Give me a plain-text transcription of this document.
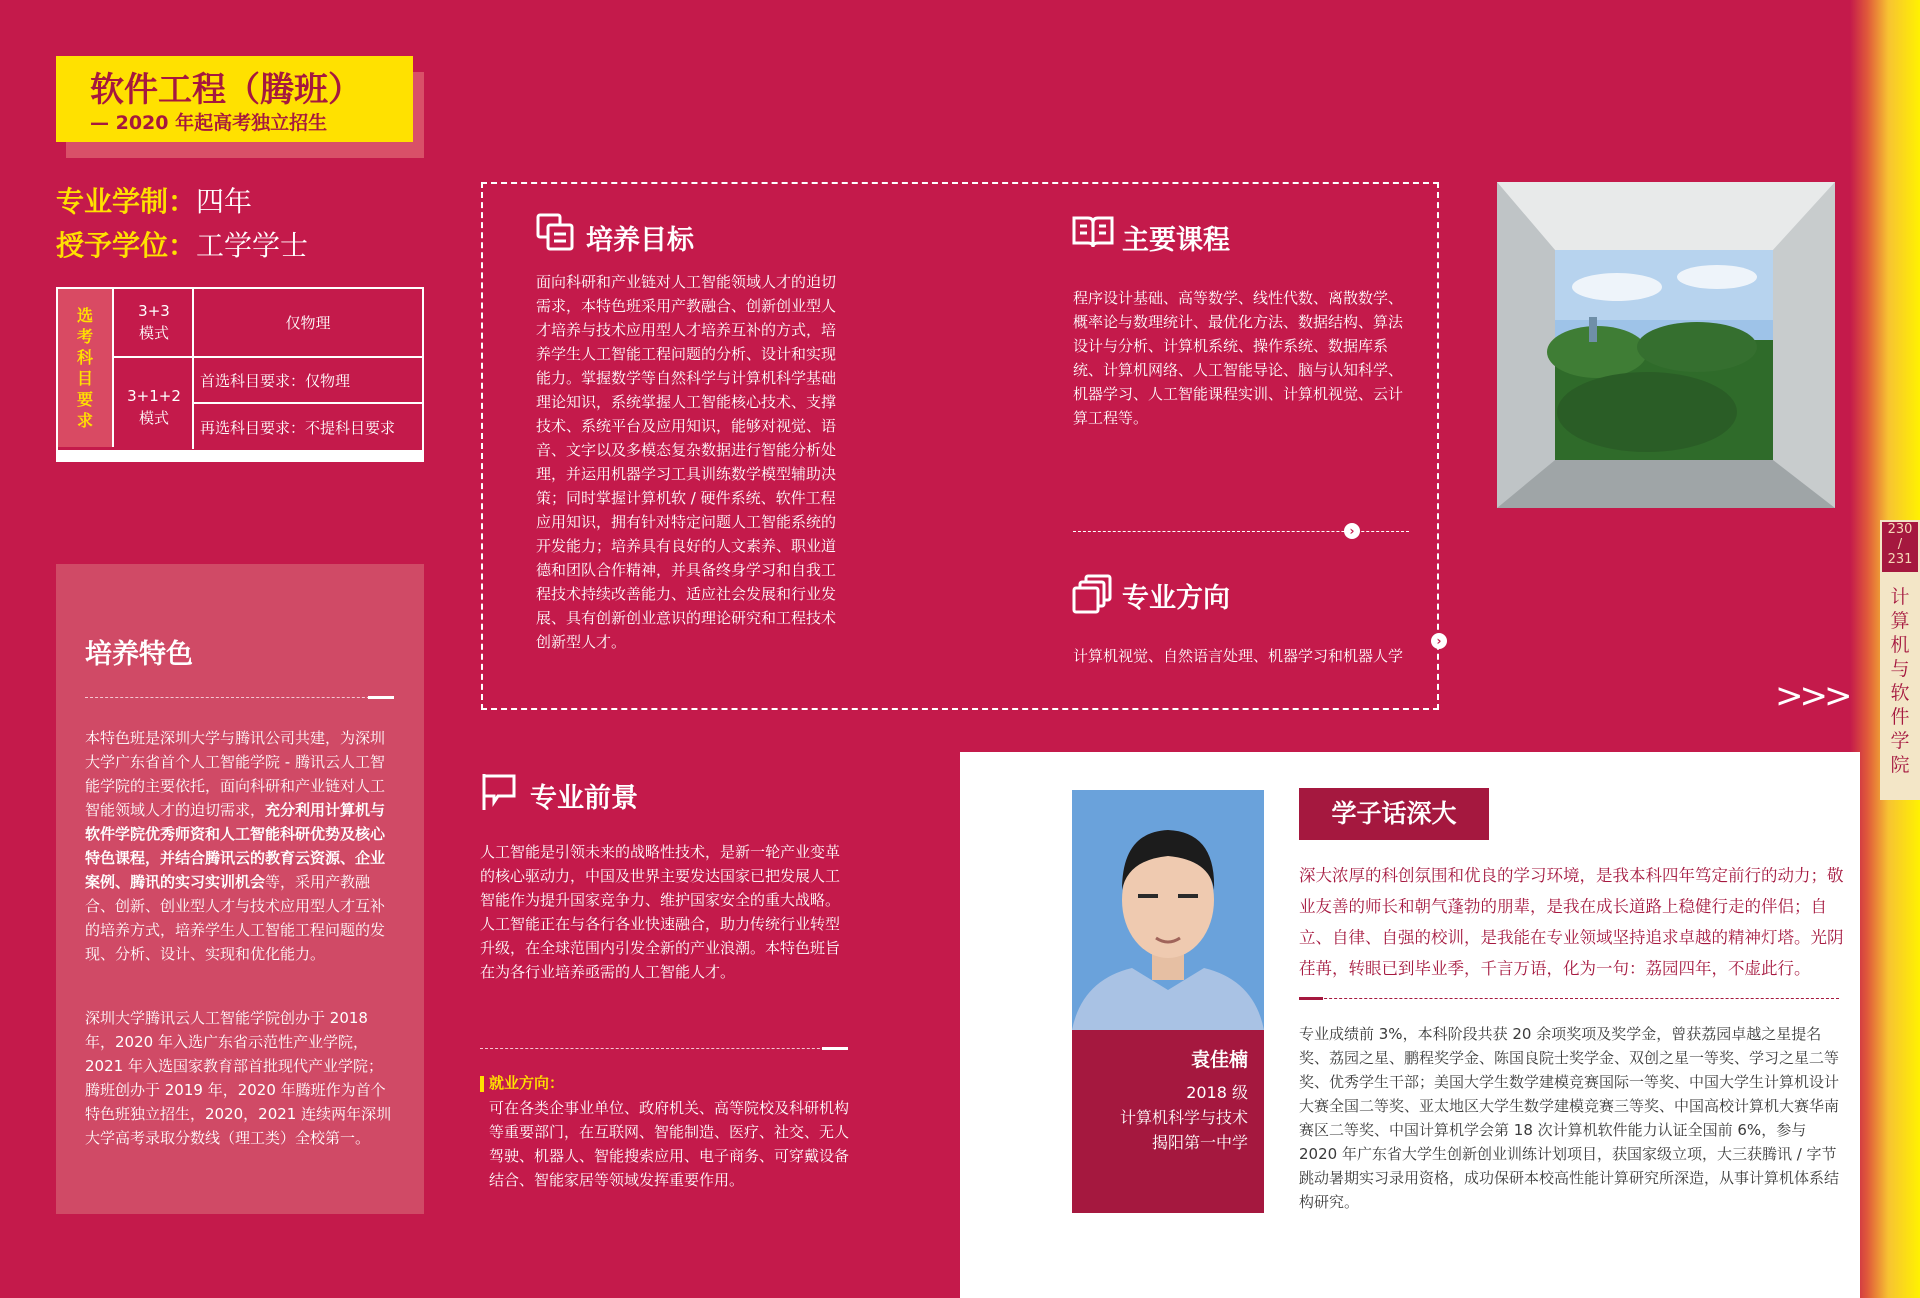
230
/
231
计算机与软件学院
软件工程（腾班）
— 2020 年起高考独立招生
专业学制：四年
授予学位：工学学士
选考科目要求
3+3
模式
仅物理
3+1+2
模式
首选科目要求：仅物理
再选科目要求：不提科目要求
培养特色
本特色班是深圳大学与腾讯公司共建，为深圳大学广东省首个人工智能学院 - 腾讯云人工智能学院的主要依托，面向科研和产业链对人工智能领域人才的迫切需求，充分利用计算机与软件学院优秀师资和人工智能科研优势及核心特色课程，并结合腾讯云的教育云资源、企业案例、腾讯的实习实训机会等，采用产教融合、创新、创业型人才与技术应用型人才互补的培养方式，培养学生人工智能工程问题的发现、分析、设计、实现和优化能力。
深圳大学腾讯云人工智能学院创办于 2018 年，2020 年入选广东省示范性产业学院，2021 年入选国家教育部首批现代产业学院；腾班创办于 2019 年，2020 年腾班作为首个特色班独立招生，2020，2021 连续两年深圳大学高考录取分数线（理工类）全校第一。
培养目标
面向科研和产业链对人工智能领域人才的迫切需求，本特色班采用产教融合、创新创业型人才培养与技术应用型人才培养互补的方式，培养学生人工智能工程问题的分析、设计和实现能力。掌握数学等自然科学与计算机科学基础理论知识，系统掌握人工智能核心技术、支撑技术、系统平台及应用知识，能够对视觉、语音、文字以及多模态复杂数据进行智能分析处理，并运用机器学习工具训练数学模型辅助决策；同时掌握计算机软 / 硬件系统、软件工程应用知识，拥有针对特定问题人工智能系统的开发能力；培养具有良好的人文素养、职业道德和团队合作精神，并具备终身学习和自我工程技术持续改善能力、适应社会发展和行业发展、具有创新创业意识的理论研究和工程技术创新型人才。
主要课程
程序设计基础、高等数学、线性代数、离散数学、概率论与数理统计、最优化方法、数据结构、算法设计与分析、计算机系统、操作系统、数据库系统、计算机网络、人工智能导论、脑与认知科学、机器学习、人工智能课程实训、计算机视觉、云计算工程等。
›
专业方向
计算机视觉、自然语言处理、机器学习和机器人学
›
专业前景
人工智能是引领未来的战略性技术，是新一轮产业变革的核心驱动力，中国及世界主要发达国家已把发展人工智能作为提升国家竞争力、维护国家安全的重大战略。人工智能正在与各行各业快速融合，助力传统行业转型升级，在全球范围内引发全新的产业浪潮。本特色班旨在为各行业培养亟需的人工智能人才。
就业方向：
可在各类企事业单位、政府机关、高等院校及科研机构等重要部门，在互联网、智能制造、医疗、社交、无人驾驶、机器人、智能搜索应用、电子商务、可穿戴设备结合、智能家居等领域发挥重要作用。
>>>
袁佳楠
2018 级
计算机科学与技术
揭阳第一中学
学子话深大
深大浓厚的科创氛围和优良的学习环境，是我本科四年笃定前行的动力；敬业友善的师长和朝气蓬勃的朋辈，是我在成长道路上稳健行走的伴侣；自立、自律、自强的校训，是我能在专业领域坚持追求卓越的精神灯塔。光阴荏苒，转眼已到毕业季，千言万语，化为一句：荔园四年，不虚此行。
专业成绩前 3%，本科阶段共获 20 余项奖项及奖学金，曾获荔园卓越之星提名奖、荔园之星、鹏程奖学金、陈国良院士奖学金、双创之星一等奖、学习之星二等奖、优秀学生干部；美国大学生数学建模竞赛国际一等奖、中国大学生计算机设计大赛全国二等奖、亚太地区大学生数学建模竞赛三等奖、中国高校计算机大赛华南赛区二等奖、中国计算机学会第 18 次计算机软件能力认证全国前 6%，参与 2020 年广东省大学生创新创业训练计划项目，获国家级立项，大三获腾讯 / 字节跳动暑期实习录用资格，成功保研本校高性能计算研究所深造，从事计算机体系结构研究。
